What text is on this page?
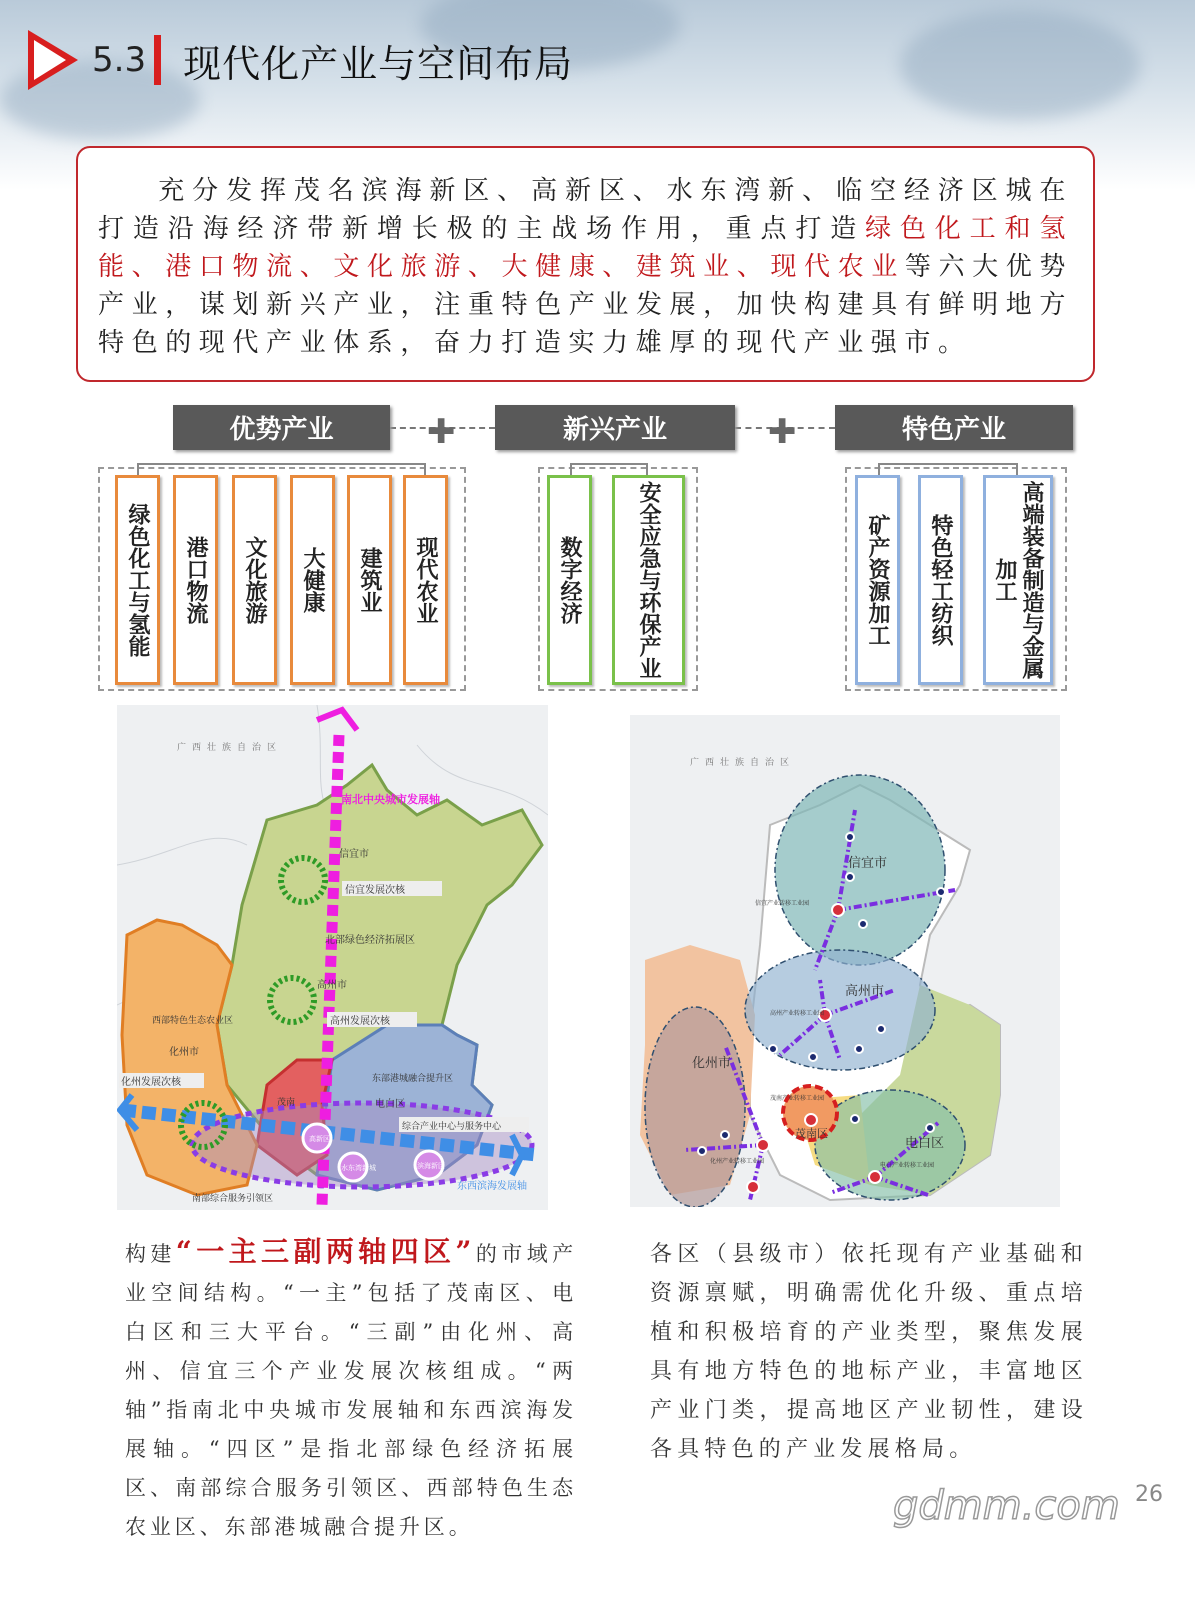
5.3 现代化产业与空间布局
充分发挥茂名滨海新区、高新区、水东湾新、临空经济区城在打造沿海经济带新增长极的主战场作用，重点打造绿色化工和氢能、港口物流、文化旅游、大健康、建筑业、现代农业等六大优势产业，谋划新兴产业，注重特色产业发展，加快构建具有鲜明地方特色的现代产业体系，奋力打造实力雄厚的现代产业强市。
✚	✚
优势产业	新兴产业	特色产业
绿色化工与氢能	港口物流	文化旅游	大健康	建筑业	现代农业	数字经济	安全应急与环保产业	矿产资源加工	特色轻工纺织	高端装备制造与金属加工
广西壮族自治区
南北中央城市发展轴
信宜市
信宜发展次核
北部绿色经济拓展区
高州市
高州发展次核
西部特色生态农业区
化州市
化州发展次核	东部港城融合提升区
电白区
茂南
综合产业中心与服务中心
高新区
水东湾新城	滨海新区
东西滨海发展轴
南部综合服务引领区
广西壮族自治区
信宜市
信宜产业转移工业园
高州市
高州产业转移工业园
化州市
化州产业转移工业园
茂南区
茂南产业转移工业园
电白区
电白产业转移工业园
构建“一主三副两轴四区”的市域产业空间结构。“一主”包括了茂南区、电白区和三大平台。“三副”由化州、高州、信宜三个产业发展次核组成。“两轴”指南北中央城市发展轴和东西滨海发展轴。“四区”是指北部绿色经济拓展区、南部综合服务引领区、西部特色生态农业区、东部港城融合提升区。
各区（县级市）依托现有产业基础和资源禀赋，明确需优化升级、重点培植和积极培育的产业类型，聚焦发展具有地方特色的地标产业，丰富地区产业门类，提高地区产业韧性，建设各具特色的产业发展格局。
gdmm.com 26
